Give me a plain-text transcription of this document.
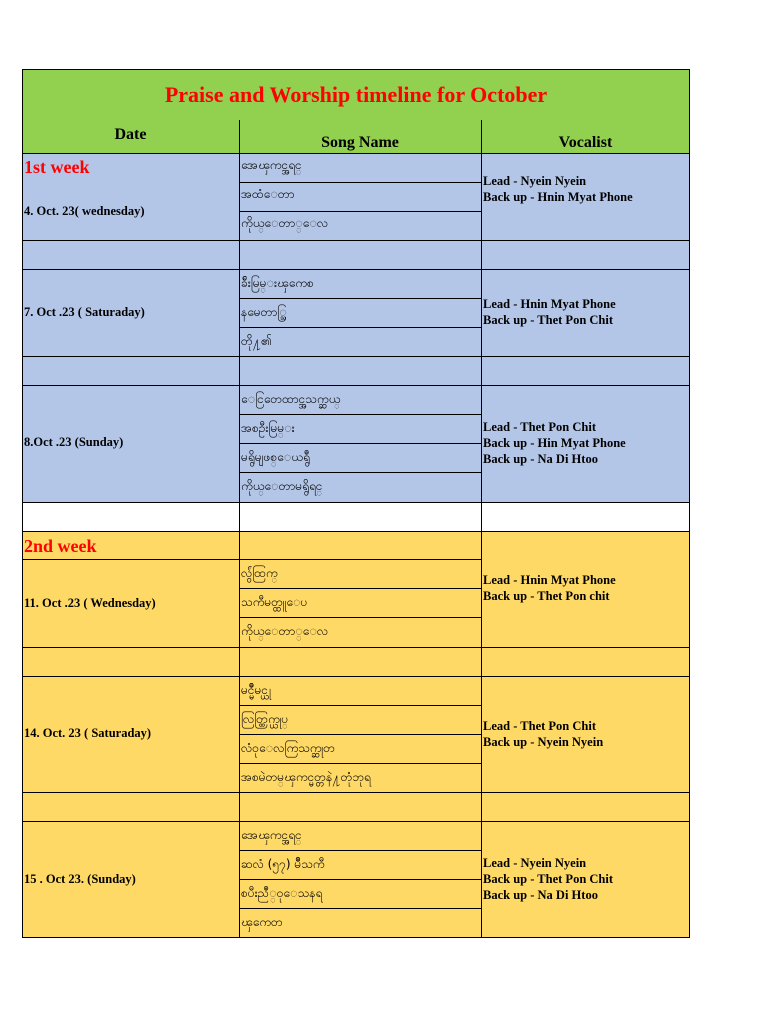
Praise and Worship timeline for October
Date	Song Name	Vocalist
1st week
2nd week
4. Oct. 23( wednesday)
7. Oct .23 ( Saturaday)
8.Oct .23 (Sunday)
11. Oct .23 ( Wednesday)
14. Oct. 23 ( Saturaday)
15 . Oct 23. (Sunday)
အေၾကင္အရင္
အထံေတာ
ကိုယ္ေတာ္ေလ
ခ်ီးမြမ္းၾကေစ
နမေတာ္သြ
တို႔၏
ေငြတေထာင္အသက္ဆယ္
အစဦးမြမ္း
မရွိမျဖစ္ေယရွဳ
ကိုယ္ေတာမရွိရင္
လွ်ံထြက္
သကီမတ္ထူေပ
ကိုယ္ေတာ္ေလ
မင္မိဳမင္ယု
လြတ္ထြက္ယုပ္
လံဝုေလကြသက္ဆုတ
အစမဲတမ္ၾကင္မတ္တနဲ႔တုံဘုရ
အေၾကင္အရင္
ဆလံ (၅၇) မိဳသကီ
စပီးညဳ္ဝုေသနရ
ၾကေတ
Lead - Nyein Nyein
Back up - Hnin Myat Phone
Lead - Hnin Myat Phone
Back up - Thet Pon Chit
Lead - Thet Pon Chit
Back up - Hin Myat Phone
Back up - Na Di Htoo
Lead - Hnin Myat Phone
Back up - Thet Pon chit
Lead - Thet Pon Chit
Back up - Nyein Nyein
Lead - Nyein Nyein
Back up - Thet Pon Chit
Back up - Na Di Htoo
